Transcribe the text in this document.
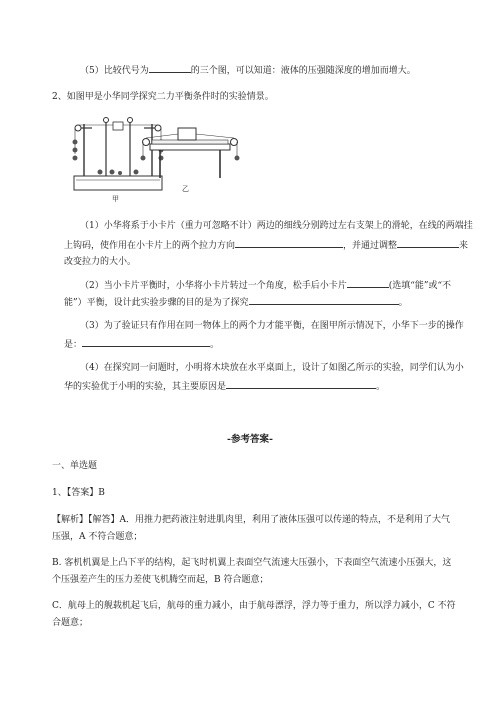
（5）比较代号为	的三个图，可以知道：液体的压强随深度的增加而增大。
2、如图甲是小华同学探究二力平衡条件时的实验情景。
甲
乙
（1）小华将系于小卡片（重力可忽略不计）两边的细线分别跨过左右支架上的滑轮，在线的两端挂
上钩码，使作用在小卡片上的两个拉力方向	，并通过调整	来
改变拉力的大小。
（2）当小卡片平衡时，小华将小卡片转过一个角度，松手后小卡片	(选填“能”或“不
能”）平衡，设计此实验步骤的目的是为了探究	。
（3）为了验证只有作用在同一物体上的两个力才能平衡，在图甲所示情况下，小华下一步的操作
是：	。
（4）在探究同一问题时，小明将木块放在水平桌面上，设计了如图乙所示的实验，同学们认为小
华的实验优于小明的实验，其主要原因是	。
-参考答案-
一、单选题
1、【答案】B
【解析】【解答】A．用推力把药液注射进肌肉里，利用了液体压强可以传递的特点，不是利用了大气
压强，A 不符合题意；
B. 客机机翼是上凸下平的结构，起飞时机翼上表面空气流速大压强小，下表面空气流速小压强大，这
个压强差产生的压力差使飞机腾空而起，B 符合题意；
C．航母上的舰载机起飞后，航母的重力减小，由于航母漂浮，浮力等于重力，所以浮力减小，C 不符
合题意；
